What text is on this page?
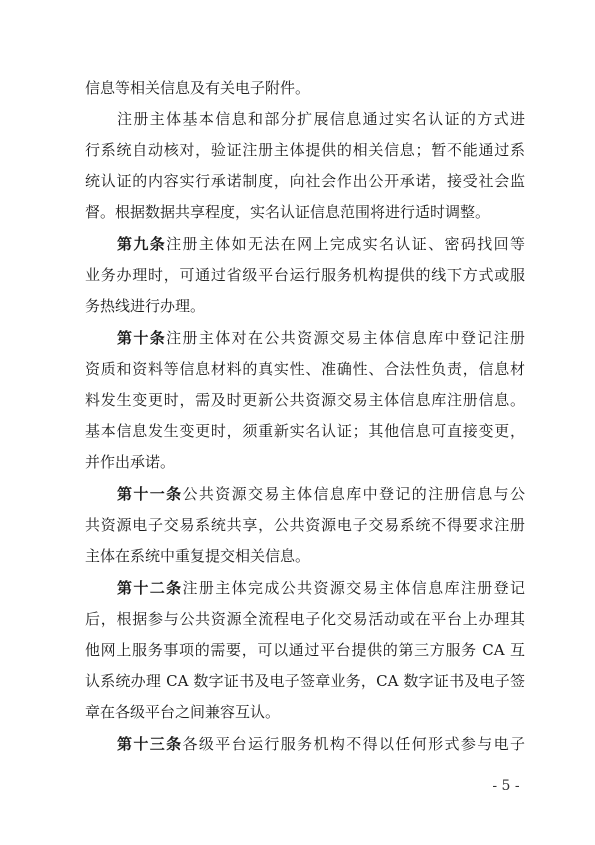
信息等相关信息及有关电子附件。
注册主体基本信息和部分扩展信息通过实名认证的方式进
行系统自动核对，验证注册主体提供的相关信息；暂不能通过系
统认证的内容实行承诺制度，向社会作出公开承诺，接受社会监
督。根据数据共享程度，实名认证信息范围将进行适时调整。
第九条注册主体如无法在网上完成实名认证、密码找回等
业务办理时，可通过省级平台运行服务机构提供的线下方式或服
务热线进行办理。
第十条注册主体对在公共资源交易主体信息库中登记注册
资质和资料等信息材料的真实性、准确性、合法性负责，信息材
料发生变更时，需及时更新公共资源交易主体信息库注册信息。
基本信息发生变更时，须重新实名认证；其他信息可直接变更，
并作出承诺。
第十一条公共资源交易主体信息库中登记的注册信息与公
共资源电子交易系统共享，公共资源电子交易系统不得要求注册
主体在系统中重复提交相关信息。
第十二条注册主体完成公共资源交易主体信息库注册登记
后，根据参与公共资源全流程电子化交易活动或在平台上办理其
他网上服务事项的需要，可以通过平台提供的第三方服务 CA 互
认系统办理 CA 数字证书及电子签章业务，CA 数字证书及电子签
章在各级平台之间兼容互认。
第十三条各级平台运行服务机构不得以任何形式参与电子
- 5 -
